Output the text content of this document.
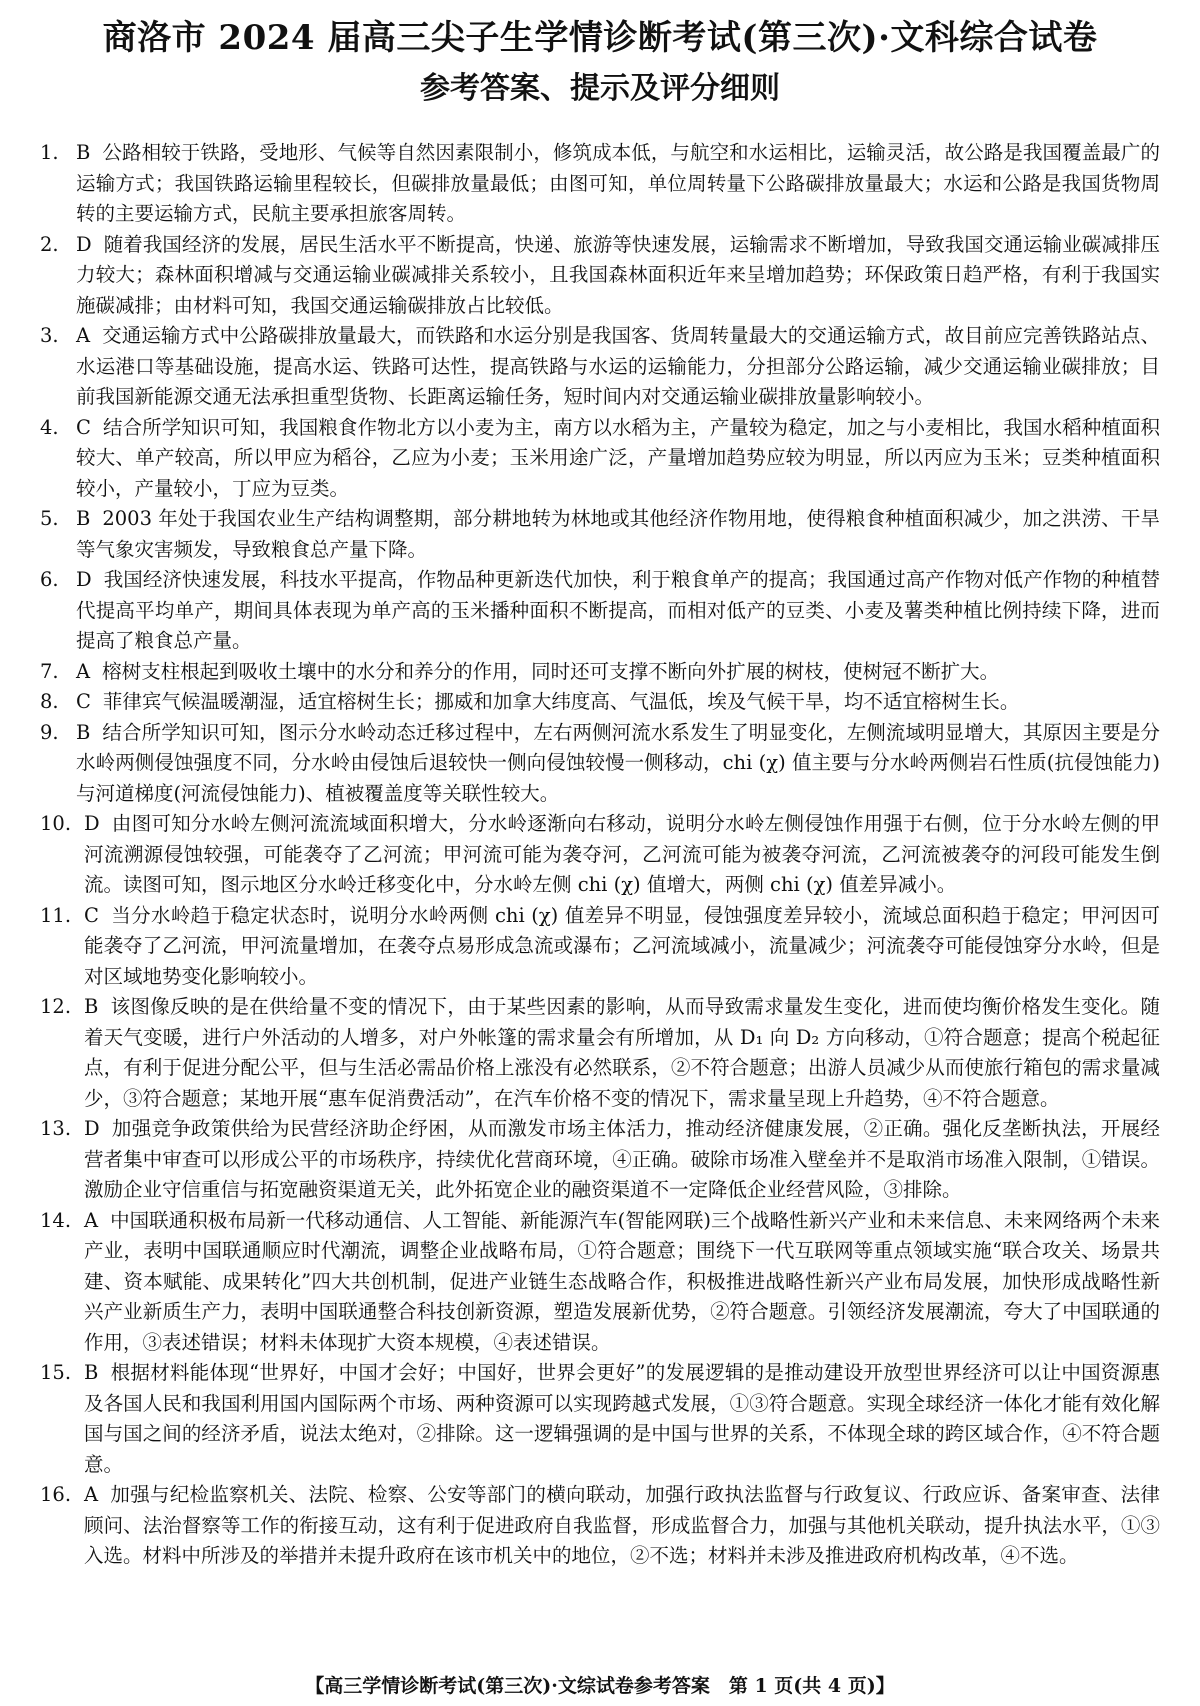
商洛市 2024 届高三尖子生学情诊断考试(第三次)·文科综合试卷
参考答案、提示及评分细则
1. B 公路相较于铁路，受地形、气候等自然因素限制小，修筑成本低，与航空和水运相比，运输灵活，故公路是我国覆盖最广的运输方式；我国铁路运输里程较长，但碳排放量最低；由图可知，单位周转量下公路碳排放量最大；水运和公路是我国货物周转的主要运输方式，民航主要承担旅客周转。
2. D 随着我国经济的发展，居民生活水平不断提高，快递、旅游等快速发展，运输需求不断增加，导致我国交通运输业碳减排压力较大；森林面积增减与交通运输业碳减排关系较小，且我国森林面积近年来呈增加趋势；环保政策日趋严格，有利于我国实施碳减排；由材料可知，我国交通运输碳排放占比较低。
3. A 交通运输方式中公路碳排放量最大，而铁路和水运分别是我国客、货周转量最大的交通运输方式，故目前应完善铁路站点、水运港口等基础设施，提高水运、铁路可达性，提高铁路与水运的运输能力，分担部分公路运输，减少交通运输业碳排放；目前我国新能源交通无法承担重型货物、长距离运输任务，短时间内对交通运输业碳排放量影响较小。
4. C 结合所学知识可知，我国粮食作物北方以小麦为主，南方以水稻为主，产量较为稳定，加之与小麦相比，我国水稻种植面积较大、单产较高，所以甲应为稻谷，乙应为小麦；玉米用途广泛，产量增加趋势应较为明显，所以丙应为玉米；豆类种植面积较小，产量较小，丁应为豆类。
5. B 2003 年处于我国农业生产结构调整期，部分耕地转为林地或其他经济作物用地，使得粮食种植面积减少，加之洪涝、干旱等气象灾害频发，导致粮食总产量下降。
6. D 我国经济快速发展，科技水平提高，作物品种更新迭代加快，利于粮食单产的提高；我国通过高产作物对低产作物的种植替代提高平均单产，期间具体表现为单产高的玉米播种面积不断提高，而相对低产的豆类、小麦及薯类种植比例持续下降，进而提高了粮食总产量。
7. A 榕树支柱根起到吸收土壤中的水分和养分的作用，同时还可支撑不断向外扩展的树枝，使树冠不断扩大。
8. C 菲律宾气候温暖潮湿，适宜榕树生长；挪威和加拿大纬度高、气温低，埃及气候干旱，均不适宜榕树生长。
9. B 结合所学知识可知，图示分水岭动态迁移过程中，左右两侧河流水系发生了明显变化，左侧流域明显增大，其原因主要是分水岭两侧侵蚀强度不同，分水岭由侵蚀后退较快一侧向侵蚀较慢一侧移动，chi (χ) 值主要与分水岭两侧岩石性质(抗侵蚀能力)与河道梯度(河流侵蚀能力)、植被覆盖度等关联性较大。
10. D 由图可知分水岭左侧河流流域面积增大，分水岭逐渐向右移动，说明分水岭左侧侵蚀作用强于右侧，位于分水岭左侧的甲河流溯源侵蚀较强，可能袭夺了乙河流；甲河流可能为袭夺河，乙河流可能为被袭夺河流，乙河流被袭夺的河段可能发生倒流。读图可知，图示地区分水岭迁移变化中，分水岭左侧 chi (χ) 值增大，两侧 chi (χ) 值差异减小。
11. C 当分水岭趋于稳定状态时，说明分水岭两侧 chi (χ) 值差异不明显，侵蚀强度差异较小，流域总面积趋于稳定；甲河因可能袭夺了乙河流，甲河流量增加，在袭夺点易形成急流或瀑布；乙河流域减小，流量减少；河流袭夺可能侵蚀穿分水岭，但是对区域地势变化影响较小。
12. B 该图像反映的是在供给量不变的情况下，由于某些因素的影响，从而导致需求量发生变化，进而使均衡价格发生变化。随着天气变暖，进行户外活动的人增多，对户外帐篷的需求量会有所增加，从 D₁ 向 D₂ 方向移动，①符合题意；提高个税起征点，有利于促进分配公平，但与生活必需品价格上涨没有必然联系，②不符合题意；出游人员减少从而使旅行箱包的需求量减少，③符合题意；某地开展“惠车促消费活动”，在汽车价格不变的情况下，需求量呈现上升趋势，④不符合题意。
13. D 加强竞争政策供给为民营经济助企纾困，从而激发市场主体活力，推动经济健康发展，②正确。强化反垄断执法，开展经营者集中审查可以形成公平的市场秩序，持续优化营商环境，④正确。破除市场准入壁垒并不是取消市场准入限制，①错误。激励企业守信重信与拓宽融资渠道无关，此外拓宽企业的融资渠道不一定降低企业经营风险，③排除。
14. A 中国联通积极布局新一代移动通信、人工智能、新能源汽车(智能网联)三个战略性新兴产业和未来信息、未来网络两个未来产业，表明中国联通顺应时代潮流，调整企业战略布局，①符合题意；围绕下一代互联网等重点领域实施“联合攻关、场景共建、资本赋能、成果转化”四大共创机制，促进产业链生态战略合作，积极推进战略性新兴产业布局发展，加快形成战略性新兴产业新质生产力，表明中国联通整合科技创新资源，塑造发展新优势，②符合题意。引领经济发展潮流，夸大了中国联通的作用，③表述错误；材料未体现扩大资本规模，④表述错误。
15. B 根据材料能体现“世界好，中国才会好；中国好，世界会更好”的发展逻辑的是推动建设开放型世界经济可以让中国资源惠及各国人民和我国利用国内国际两个市场、两种资源可以实现跨越式发展，①③符合题意。实现全球经济一体化才能有效化解国与国之间的经济矛盾，说法太绝对，②排除。这一逻辑强调的是中国与世界的关系，不体现全球的跨区域合作，④不符合题意。
16. A 加强与纪检监察机关、法院、检察、公安等部门的横向联动，加强行政执法监督与行政复议、行政应诉、备案审查、法律顾问、法治督察等工作的衔接互动，这有利于促进政府自我监督，形成监督合力，加强与其他机关联动，提升执法水平，①③入选。材料中所涉及的举措并未提升政府在该市机关中的地位，②不选；材料并未涉及推进政府机构改革，④不选。
【高三学情诊断考试(第三次)·文综试卷参考答案　第 1 页(共 4 页)】
